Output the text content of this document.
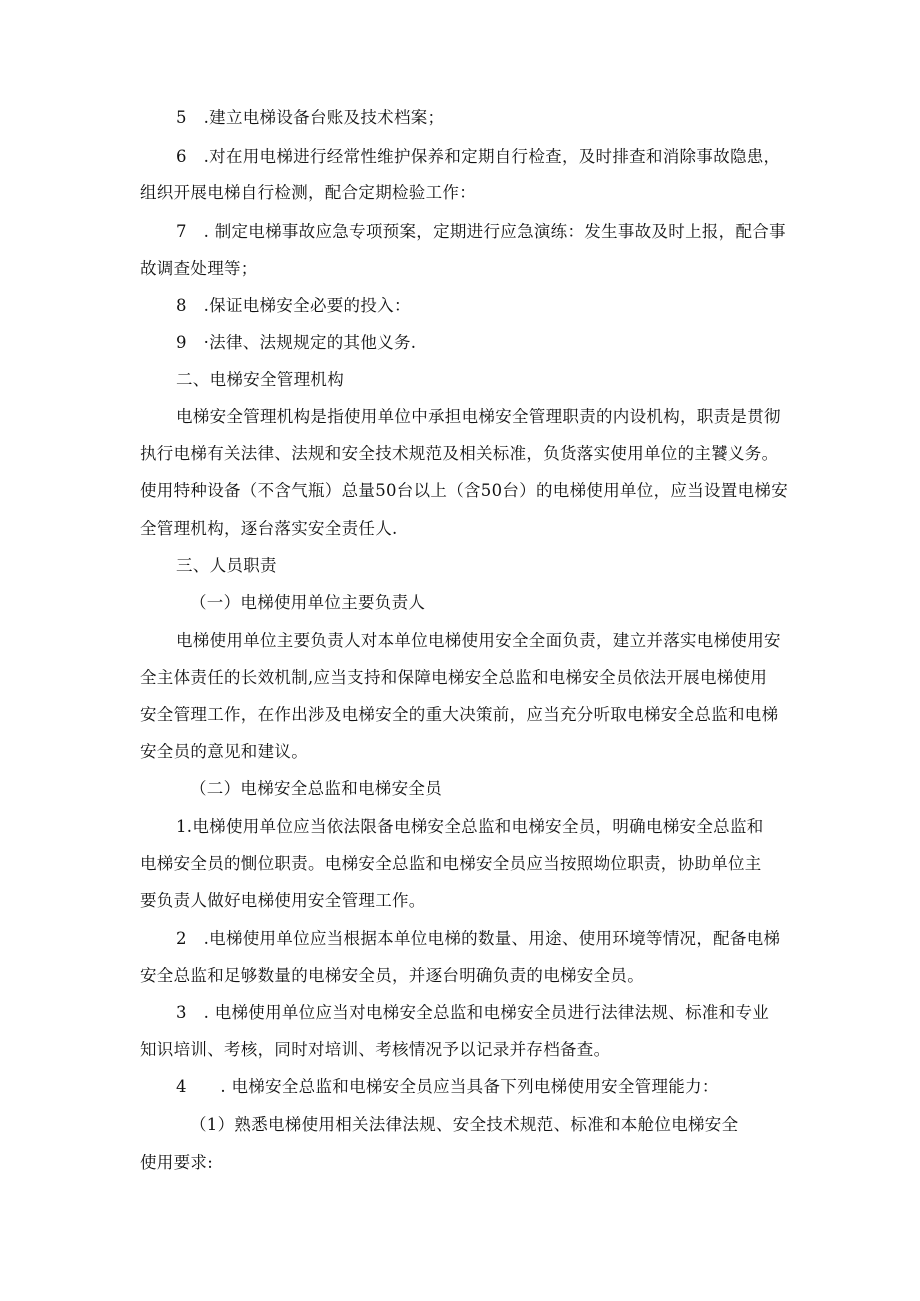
5　.建立电梯设备台账及技术档案；
6　.对在用电梯进行经常性维护保养和定期自行检查，及时排查和消除事故隐患，
组织开展电梯自行检测，配合定期检验工作：
7　. 制定电梯事故应急专项预案，定期进行应急演练：发生事故及时上报，配合事
故调查处理等；
8　.保证电梯安全必要的投入：
9　·法律、法规规定的其他义务.
二、电梯安全管理机构
电梯安全管理机构是指使用单位中承担电梯安全管理职责的内设机构，职责是贯彻
执行电梯有关法律、法规和安全技术规范及相关标准，负货落实使用单位的主饕义务。
使用特种设备（不含气瓶）总量50台以上（含50台）的电梯使用单位，应当设置电梯安
全管理机构，逐台落实安全责任人.
三、人员职责
（一）电梯使用单位主要负责人
电梯使用单位主要负责人对本单位电梯使用安全全面负责，建立并落实电梯使用安
全主体责任的长效机制,应当支持和保障电梯安全总监和电梯安全员依法开展电梯使用
安全管理工作，在作出涉及电梯安全的重大决策前，应当充分听取电梯安全总监和电梯
安全员的意见和建议。
（二）电梯安全总监和电梯安全员
1.电梯使用单位应当依法限备电梯安全总监和电梯安全员，明确电梯安全总监和
电梯安全员的惻位职责。电梯安全总监和电梯安全员应当按照坳位职责，协助单位主
要负责人做好电梯使用安全管理工作。
2　.电梯使用单位应当根据本单位电梯的数量、用途、使用环境等情况，配备电梯
安全总监和足够数量的电梯安全员，并逐台明确负责的电梯安全员。
3　. 电梯使用单位应当对电梯安全总监和电梯安全员进行法律法规、标准和专业
知识培训、考核，同时对培训、考核情况予以记录并存档备查。
4　　. 电梯安全总监和电梯安全员应当具备下列电梯使用安全管理能力：
（1）熟悉电梯使用相关法律法规、安全技术规范、标准和本舱位电梯安全
使用要求:
